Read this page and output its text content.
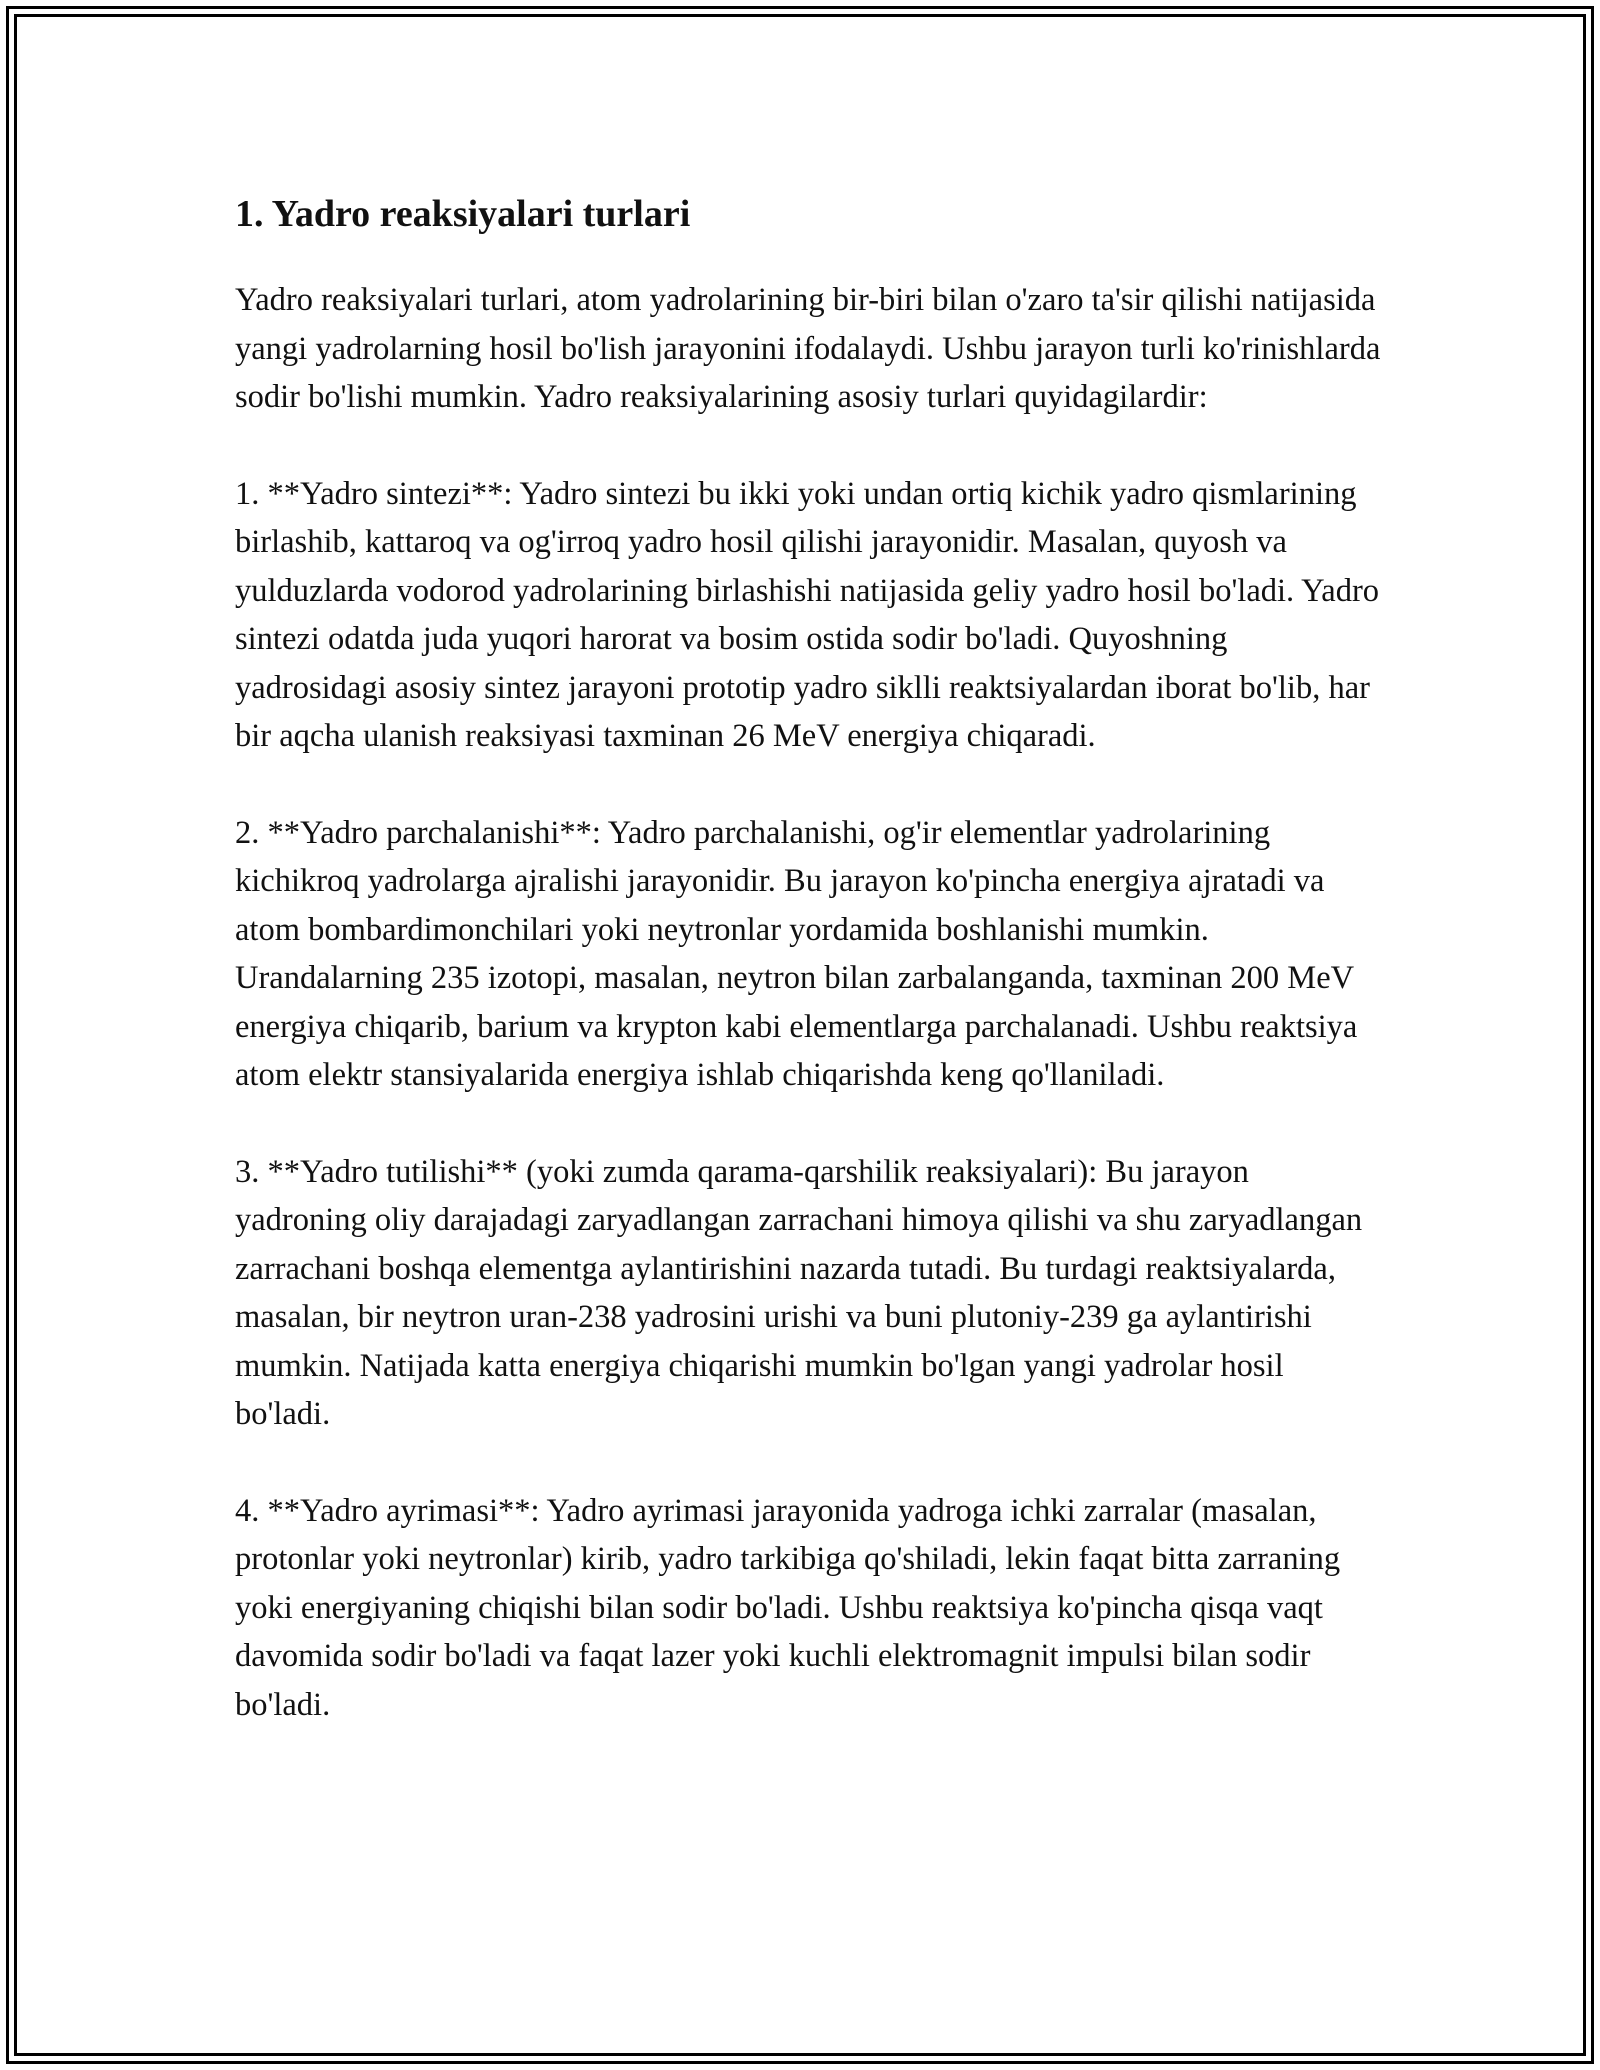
1. Yadro reaksiyalari turlari

Yadro reaksiyalari turlari, atom yadrolarining bir-biri bilan o'zaro ta'sir qilishi natijasida yangi yadrolarning hosil bo'lish jarayonini ifodalaydi. Ushbu jarayon turli ko'rinishlarda sodir bo'lishi mumkin. Yadro reaksiyalarining asosiy turlari quyidagilardir:

1. **Yadro sintezi**: Yadro sintezi bu ikki yoki undan ortiq kichik yadro qismlarining birlashib, kattaroq va og'irroq yadro hosil qilishi jarayonidir. Masalan, quyosh va yulduzlarda vodorod yadrolarining birlashishi natijasida geliy yadro hosil bo'ladi. Yadro sintezi odatda juda yuqori harorat va bosim ostida sodir bo'ladi. Quyoshning yadrosidagi asosiy sintez jarayoni prototip yadro siklli reaktsiyalardan iborat bo'lib, har bir aqcha ulanish reaksiyasi taxminan 26 MeV energiya chiqaradi.

2. **Yadro parchalanishi**: Yadro parchalanishi, og'ir elementlar yadrolarining kichikroq yadrolarga ajralishi jarayonidir. Bu jarayon ko'pincha energiya ajratadi va atom bombardimonchilari yoki neytronlar yordamida boshlanishi mumkin. Urandalarning 235 izotopi, masalan, neytron bilan zarbalanganda, taxminan 200 MeV energiya chiqarib, barium va krypton kabi elementlarga parchalanadi. Ushbu reaktsiya atom elektr stansiyalarida energiya ishlab chiqarishda keng qo'llaniladi.

3. **Yadro tutilishi** (yoki zumda qarama-qarshilik reaksiyalari): Bu jarayon yadroning oliy darajadagi zaryadlangan zarrachani himoya qilishi va shu zaryadlangan zarrachani boshqa elementga aylantirishini nazarda tutadi. Bu turdagi reaktsiyalarda, masalan, bir neytron uran-238 yadrosini urishi va buni plutoniy-239 ga aylantirishi mumkin. Natijada katta energiya chiqarishi mumkin bo'lgan yangi yadrolar hosil bo'ladi.

4. **Yadro ayrimasi**: Yadro ayrimasi jarayonida yadroga ichki zarralar (masalan, protonlar yoki neytronlar) kirib, yadro tarkibiga qo'shiladi, lekin faqat bitta zarraning yoki energiyaning chiqishi bilan sodir bo'ladi. Ushbu reaktsiya ko'pincha qisqa vaqt davomida sodir bo'ladi va faqat lazer yoki kuchli elektromagnit impulsi bilan sodir bo'ladi.
